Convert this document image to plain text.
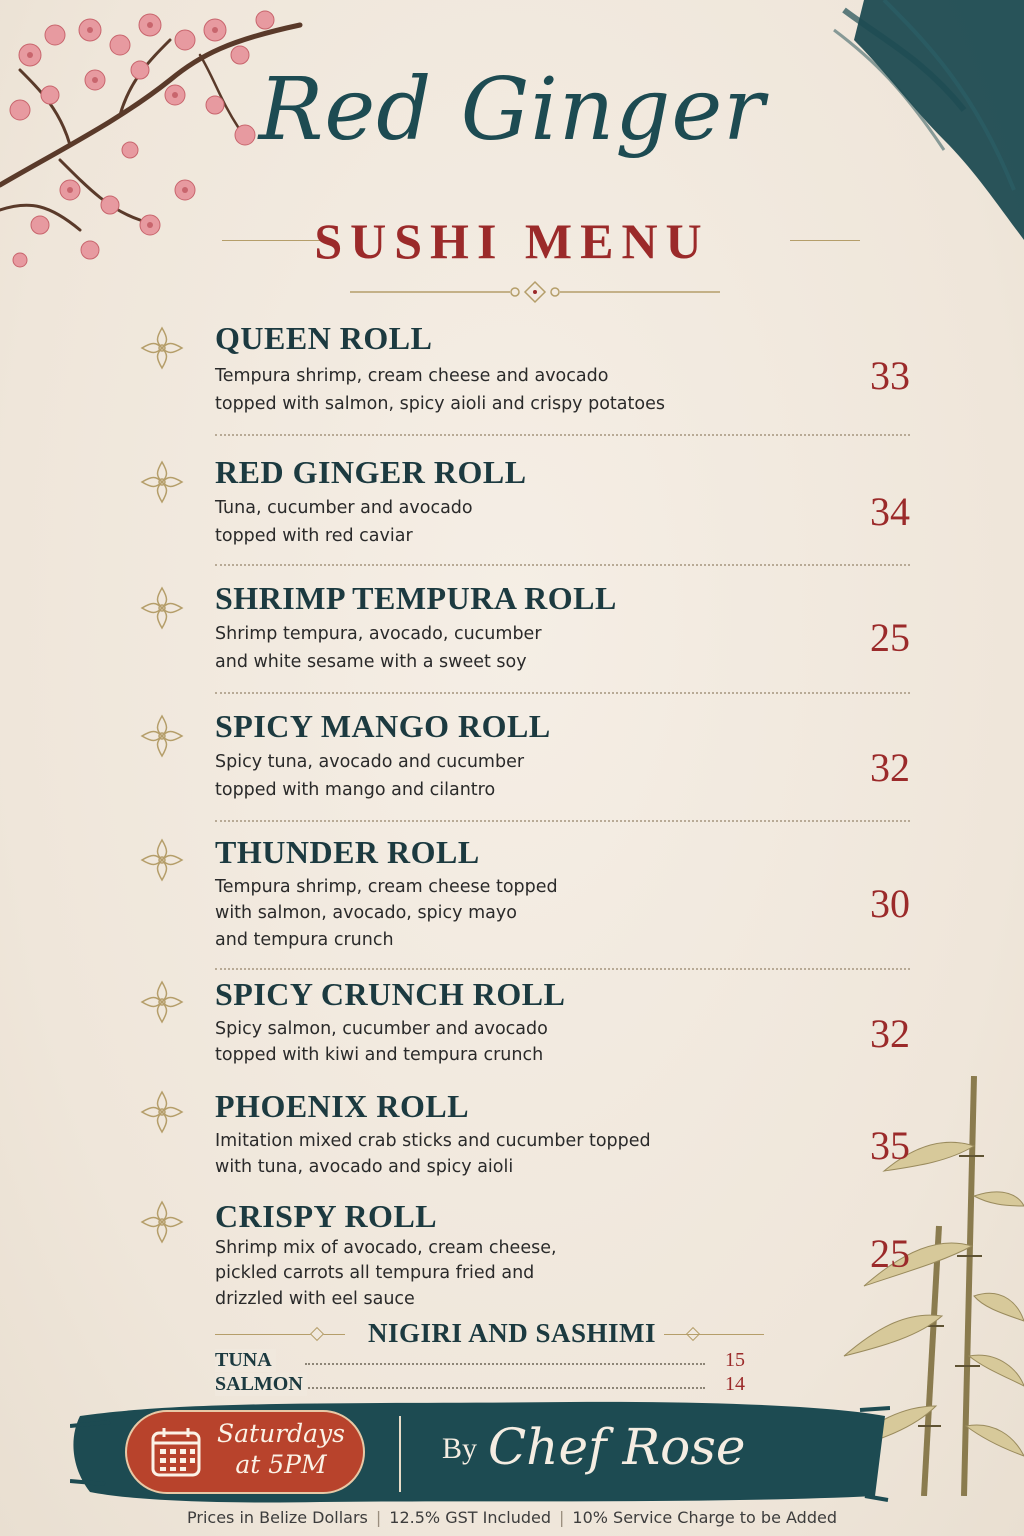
Red Ginger
SUSHI MENU
QUEEN ROLL
Tempura shrimp, cream cheese and avocado
topped with salmon, spicy aioli and crispy potatoes
33
RED GINGER ROLL
Tuna, cucumber and avocado
topped with red caviar
34
SHRIMP TEMPURA ROLL
Shrimp tempura, avocado, cucumber
and white sesame with a sweet soy
25
SPICY MANGO ROLL
Spicy tuna, avocado and cucumber
topped with mango and cilantro	32
THUNDER ROLL
Tempura shrimp, cream cheese topped
with salmon, avocado, spicy mayo
and tempura crunch
30
SPICY CRUNCH ROLL
Spicy salmon, cucumber and avocado
topped with kiwi and tempura crunch	32
PHOENIX ROLL
Imitation mixed crab sticks and cucumber topped
with tuna, avocado and spicy aioli	35
CRISPY ROLL
Shrimp mix of avocado, cream cheese,
pickled carrots all tempura fried and
drizzled with eel sauce
25
NIGIRI AND SASHIMI
TUNA	15
SALMON	14
Saturdays
at 5PM	By Chef Rose
Prices in Belize Dollars | 12.5% GST Included | 10% Service Charge to be Added
